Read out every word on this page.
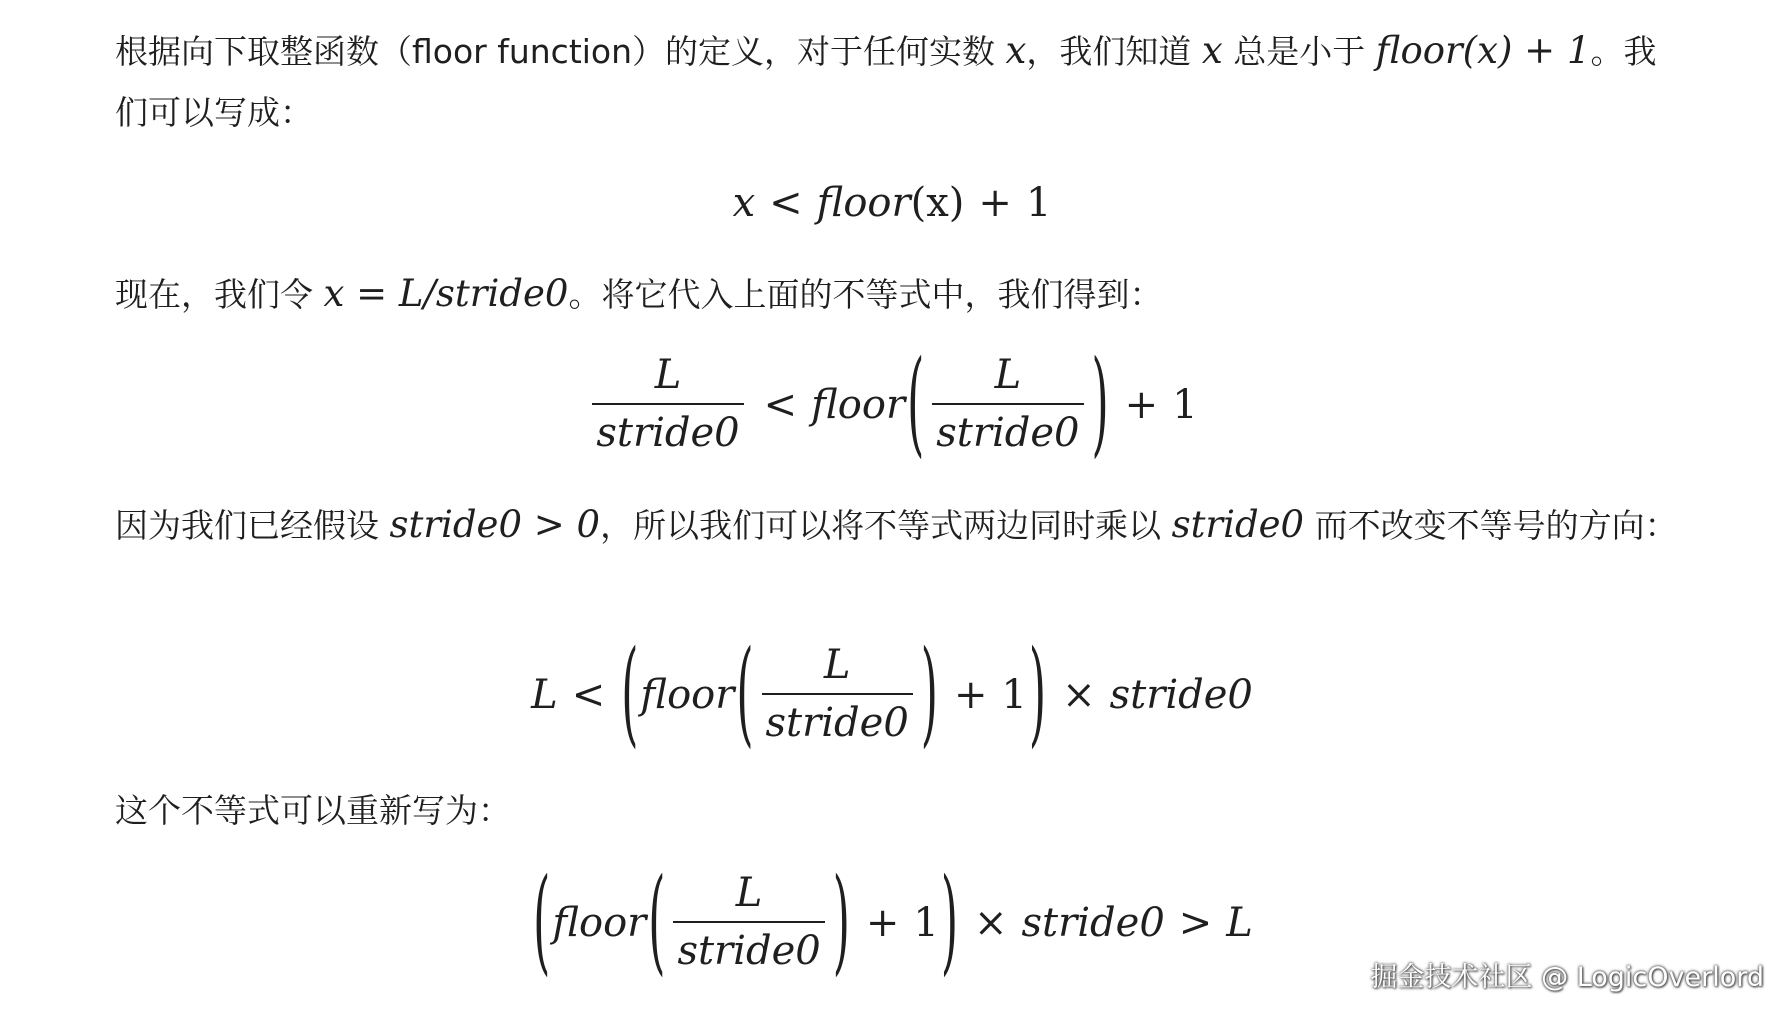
根据向下取整函数（floor function）的定义，对于任何实数 x，我们知道 x 总是小于 floor(x) + 1。我们可以写成：

x < floor (x) + 1

现在，我们令 x = L/stride0。将它代入上面的不等式中，我们得到：

$\frac{L}{\text{stride0}}$ < floor ( $\frac{L}{\text{stride0}}$ ) + 1

因为我们已经假设 stride0 > 0，所以我们可以将不等式两边同时乘以 stride0 而不改变不等号的方向：

L < ( floor ( $\frac{L}{\text{stride0}}$ ) + 1 ) × stride0

这个不等式可以重新写为：

( floor ( $\frac{L}{\text{stride0}}$ ) + 1 ) × stride0 > L
掘金技术社区 @ LogicOverlord
